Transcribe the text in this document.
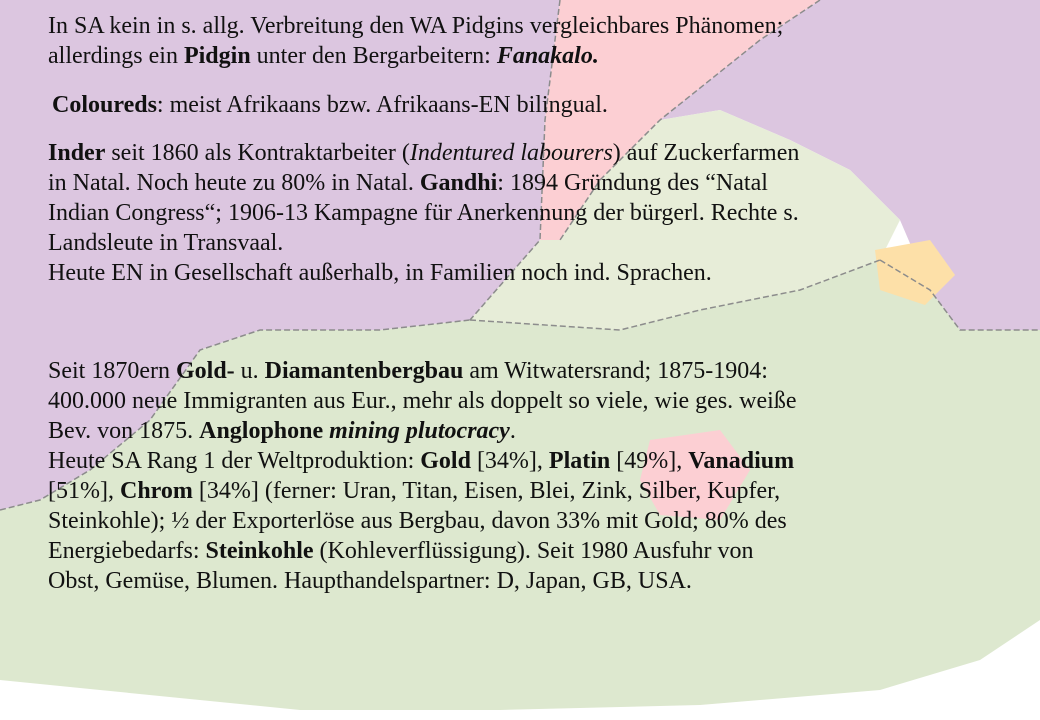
In SA kein in s. allg. Verbreitung den WA Pidgins vergleichbares Phänomen;
allerdings ein Pidgin unter den Bergarbeitern: Fanakalo.
Coloureds: meist Afrikaans bzw. Afrikaans-EN bilingual.
Inder seit 1860 als Kontraktarbeiter (Indentured labourers) auf Zuckerfarmen
in Natal. Noch heute zu 80% in Natal. Gandhi: 1894 Gründung des “Natal
Indian Congress“; 1906-13 Kampagne für Anerkennung der bürgerl. Rechte s.
Landsleute in Transvaal.
Heute EN in Gesellschaft außerhalb, in Familien noch ind. Sprachen.
Seit 1870ern Gold- u. Diamantenbergbau am Witwatersrand; 1875-1904:
400.000 neue Immigranten aus Eur., mehr als doppelt so viele, wie ges. weiße
Bev. von 1875. Anglophone mining plutocracy.
Heute SA Rang 1 der Weltproduktion: Gold [34%], Platin [49%], Vanadium
[51%], Chrom [34%] (ferner: Uran, Titan, Eisen, Blei, Zink, Silber, Kupfer,
Steinkohle); ½ der Exporterlöse aus Bergbau, davon 33% mit Gold; 80% des
Energiebedarfs: Steinkohle (Kohleverflüssigung). Seit 1980 Ausfuhr von
Obst, Gemüse, Blumen. Haupthandelspartner: D, Japan, GB, USA.
